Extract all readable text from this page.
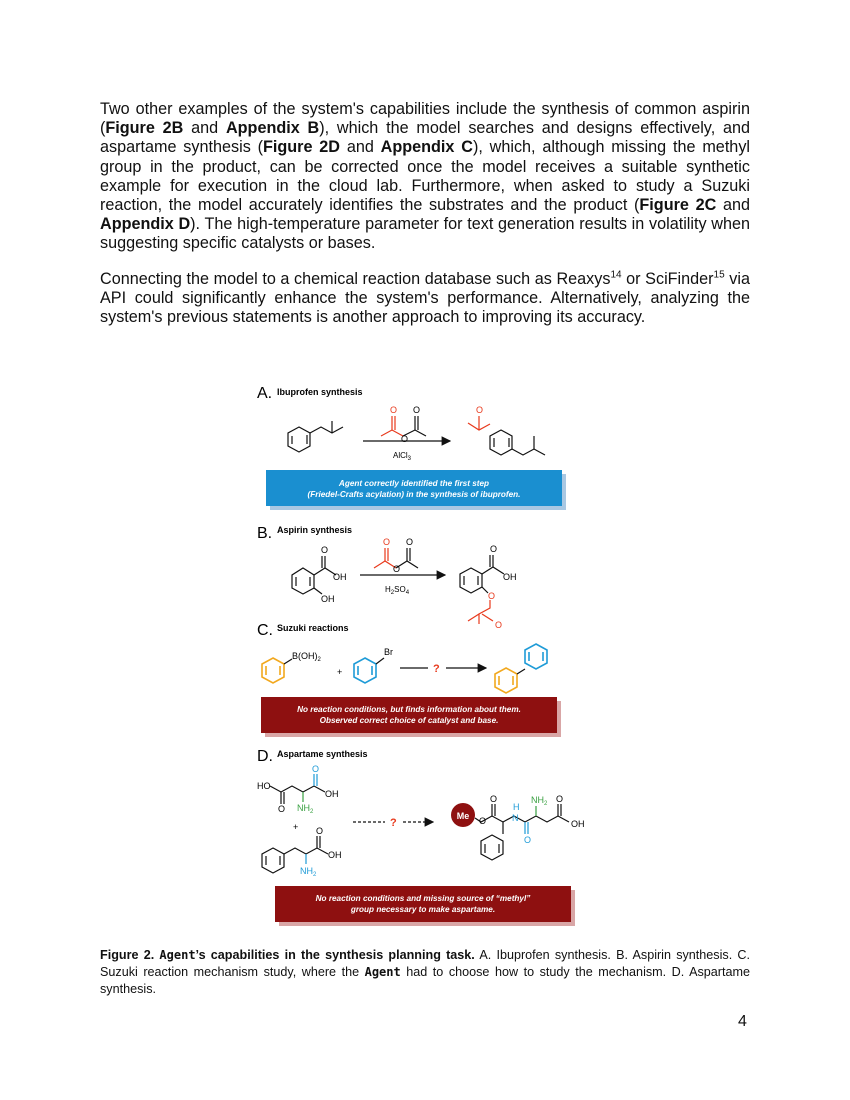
Two other examples of the system's capabilities include the synthesis of common aspirin (Figure 2B and Appendix B), which the model searches and designs effectively, and aspartame synthesis (Figure 2D and Appendix C), which, although missing the methyl group in the product, can be corrected once the model receives a suitable synthetic example for execution in the cloud lab. Furthermore, when asked to study a Suzuki reaction, the model accurately identifies the substrates and the product (Figure 2C and Appendix D). The high-temperature parameter for text generation results in volatility when suggesting specific catalysts or bases.

Connecting the model to a chemical reaction database such as Reaxys$^{14}$ or SciFinder$^{15}$ via API could significantly enhance the system's performance. Alternatively, analyzing the system's previous statements is another approach to improving its accuracy.

A. Ibuprofen synthesis
O O
O
AlCl$_3$
O
Agent correctly identified the first step
(Friedel-Crafts acylation) in the synthesis of ibuprofen.
B. Aspirin synthesis
O
OH
OH
O O
O
$H_2SO_4$
O
OH
O
O
C. Suzuki reactions
$B(OH)_2$
+
Br
?
No reaction conditions, but finds information about them.
Observed correct choice of catalyst and base.
D. Aspartame synthesis
HO
OH
O
O
$NH_2$
+ O
OH
$NH_2$
?
Me O
O
N
H
O
$NH_2$ O
OH
No reaction conditions and missing source of “methyl”
group necessary to make aspartame.

Figure 2. Agent’s capabilities in the synthesis planning task. A. Ibuprofen synthesis. B. Aspirin synthesis. C. Suzuki reaction mechanism study, where the Agent had to choose how to study the mechanism. D. Aspartame synthesis.

4
